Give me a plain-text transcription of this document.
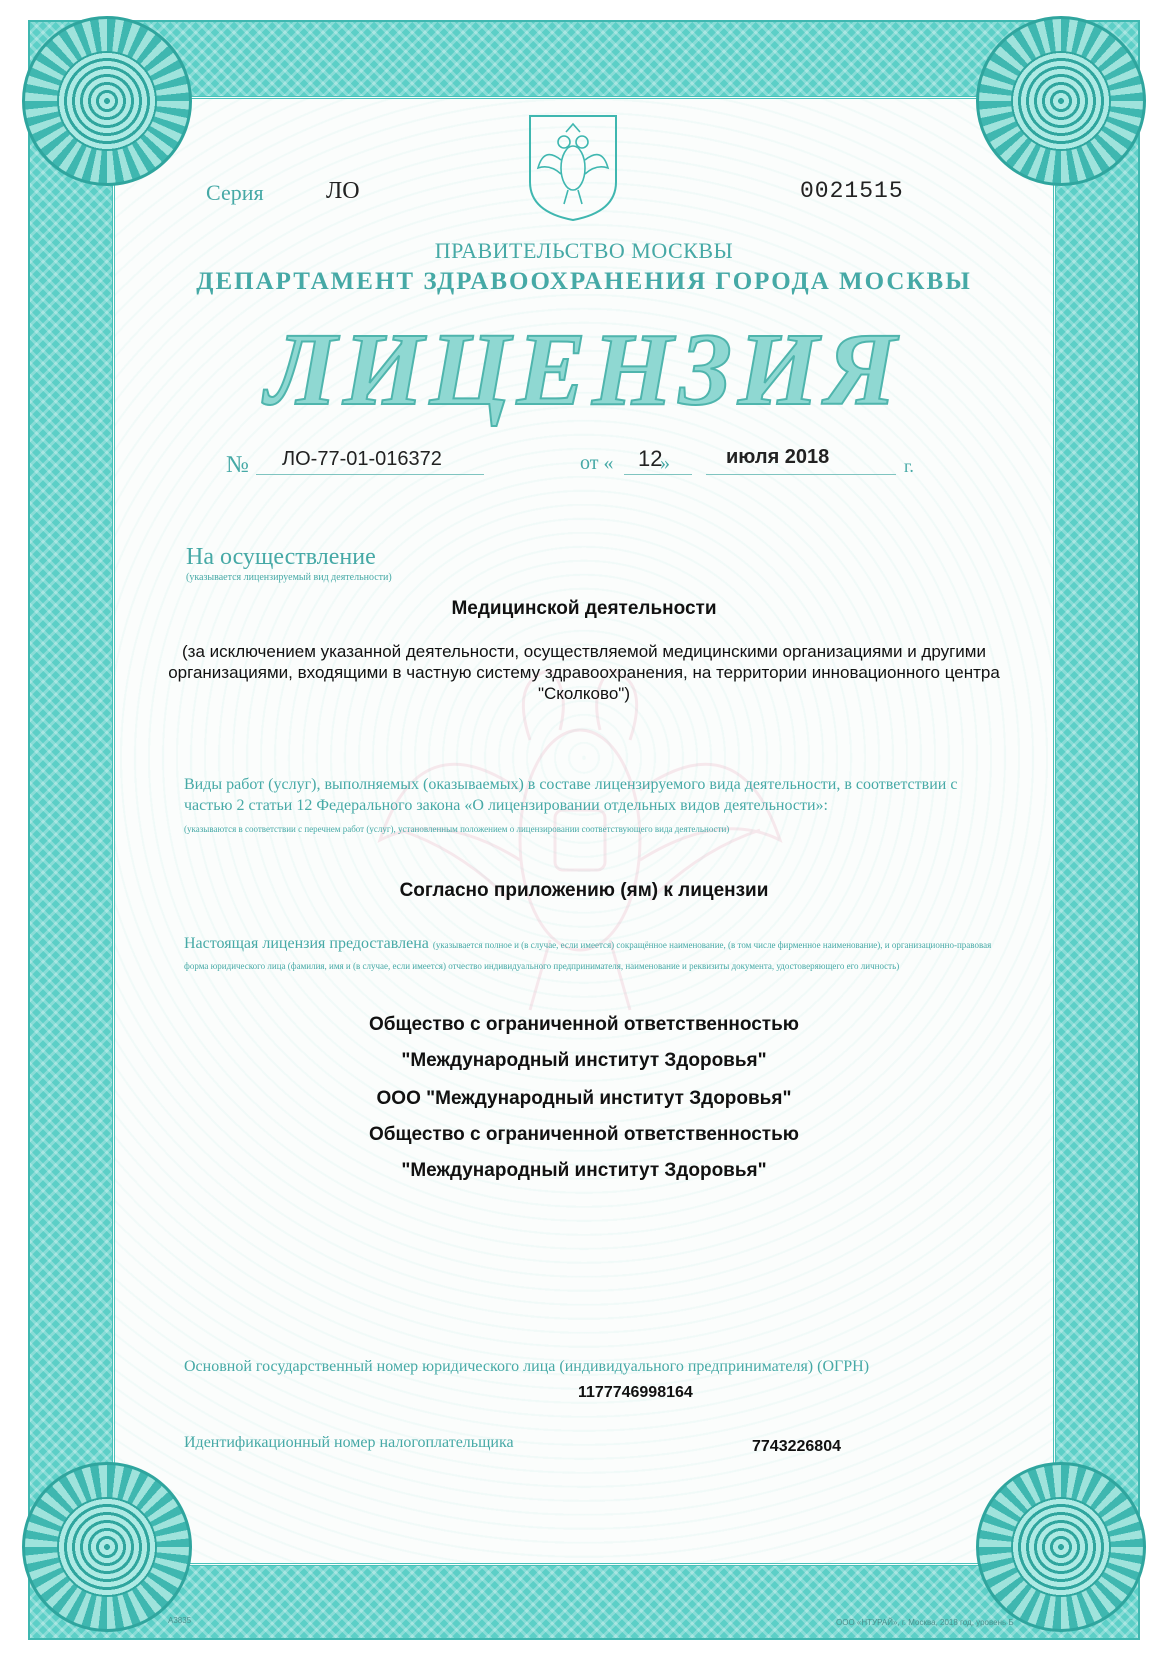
Серия	ЛО	0021515
ПРАВИТЕЛЬСТВО МОСКВЫ
ДЕПАРТАМЕНТ ЗДРАВООХРАНЕНИЯ ГОРОДА МОСКВЫ
ЛИЦЕНЗИЯ
№ ЛО-77-01-016372	от « 12
»	июля 2018	г.
На осуществление
(указывается лицензируемый вид деятельности)
Медицинской деятельности
(за исключением указанной деятельности, осуществляемой медицинскими организациями и другими организациями, входящими в частную систему здравоохранения, на территории инновационного центра "Сколково")
Виды работ (услуг), выполняемых (оказываемых) в составе лицензируемого вида деятельности, в соответствии с частью 2 статьи 12 Федерального закона «О лицензировании отдельных видов деятельности»:
(указываются в соответствии с перечнем работ (услуг), установленным положением о лицензировании соответствующего вида деятельности)
Согласно приложению (ям) к лицензии
Настоящая лицензия предоставлена (указывается полное и (в случае, если имеется) сокращённое наименование, (в том числе фирменное наименование), и организационно-правовая форма юридического лица (фамилия, имя и (в случае, если имеется) отчество индивидуального предпринимателя, наименование и реквизиты документа, удостоверяющего его личность)
Общество с ограниченной ответственностью
"Международный институт Здоровья"
ООО "Международный институт Здоровья"
Общество с ограниченной ответственностью
"Международный институт Здоровья"
Основной государственный номер юридического лица (индивидуального предпринимателя) (ОГРН)
1177746998164
Идентификационный номер налогоплательщика	7743226804
А3835	ООО «НТУРАЙ», г. Москва, 2018 год, уровень Б
